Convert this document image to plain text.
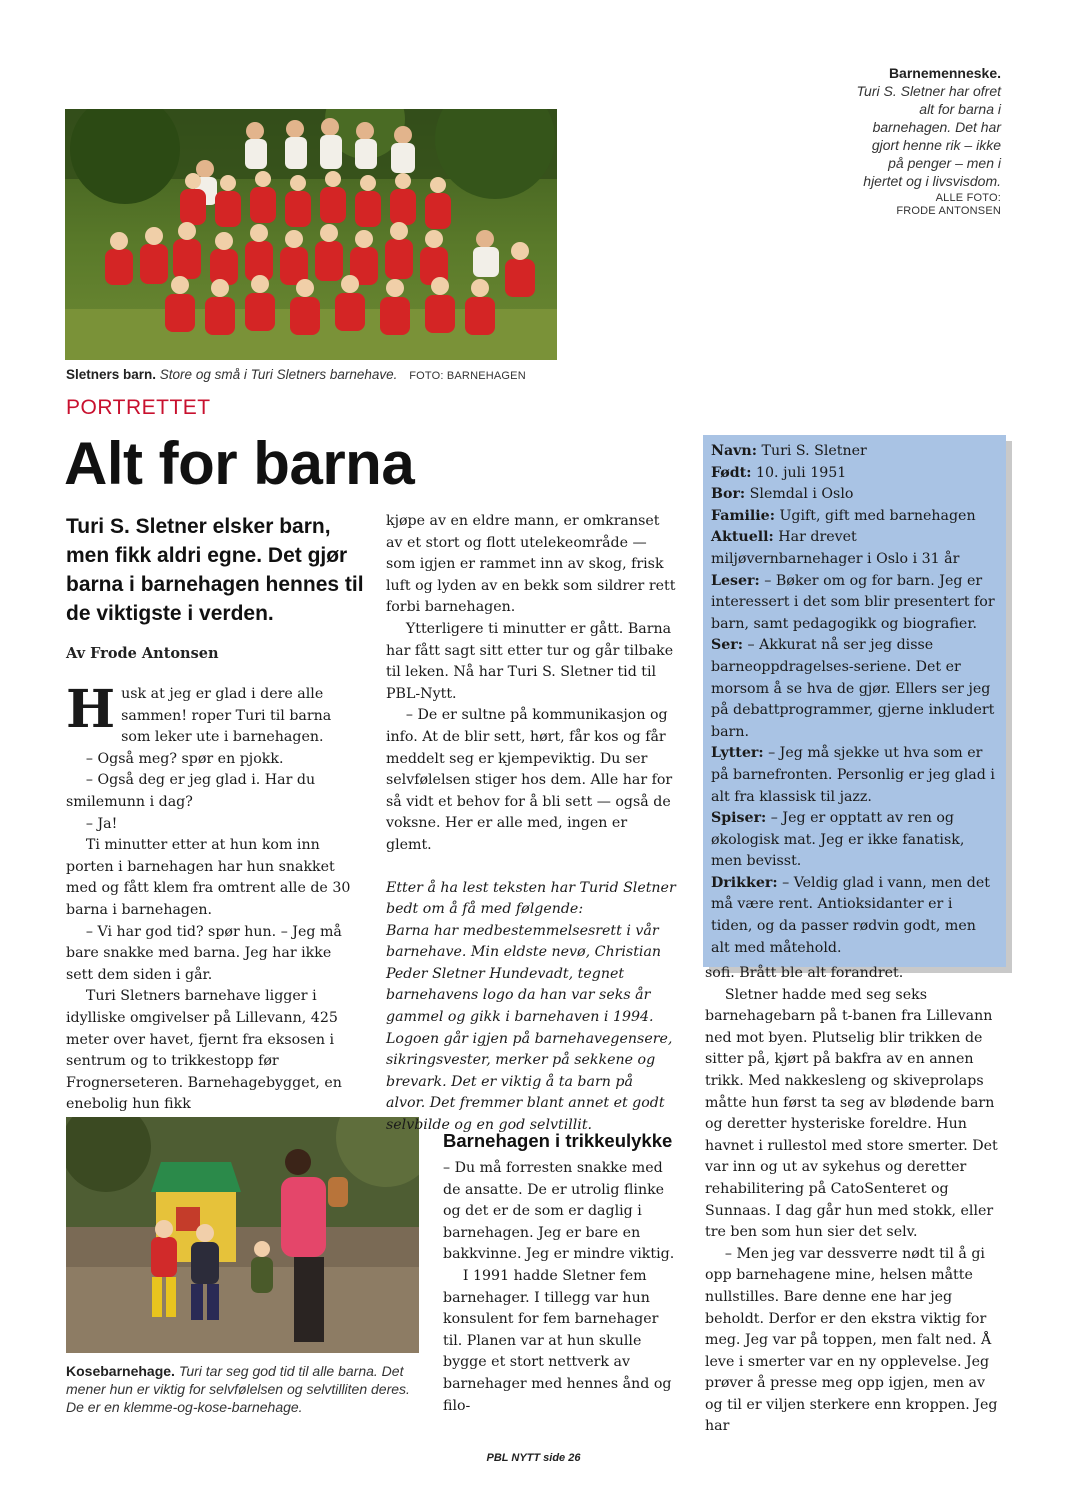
Barnemenneske.
Turi S. Sletner har ofret alt for barna i barnehagen. Det har gjort henne rik – ikke på penger – men i hjertet og i livsvisdom.
ALLE FOTO:
FRODE ANTONSEN
Sletners barn. Store og små i Turi Sletners barnehave. FOTO: BARNEHAGEN
PORTRETTET
Alt for barna
Turi S. Sletner elsker barn, men fikk aldri egne. Det gjør barna i barnehagen hennes til de viktigste i verden.
Av Frode Antonsen

Husk at jeg er glad i dere alle sammen! roper Turi til barna som leker ute i barnehagen.

– Også meg? spør en pjokk.

– Også deg er jeg glad i. Har du smilemunn i dag?

– Ja!

Ti minutter etter at hun kom inn porten i barnehagen har hun snakket med og fått klem fra omtrent alle de 30 barna i barnehagen.

– Vi har god tid? spør hun. – Jeg må bare snakke med barna. Jeg har ikke sett dem siden i går.

Turi Sletners barnehave ligger i idylliske omgivelser på Lillevann, 425 meter over havet, fjernt fra eksosen i sentrum og to trikkestopp før Frognerseteren. Barnehagebygget, en enebolig hun fikk

Kosebarnehage. Turi tar seg god tid til alle barna. Det mener hun er viktig for selvfølelsen og selvtilliten deres. De er en klemme-og-kose-barnehage.

kjøpe av en eldre mann, er omkranset av et stort og flott utelekeområde — som igjen er rammet inn av skog, frisk luft og lyden av en bekk som sildrer rett forbi barnehagen.

Ytterligere ti minutter er gått. Barna har fått sagt sitt etter tur og går tilbake til leken. Nå har Turi S. Sletner tid til PBL-Nytt.

– De er sultne på kommunikasjon og info. At de blir sett, hørt, får kos og får meddelt seg er kjempeviktig. Du ser selvfølelsen stiger hos dem. Alle har for så vidt et behov for å bli sett — også de voksne. Her er alle med, ingen er glemt.

Etter å ha lest teksten har Turid Sletner bedt om å få med følgende:

Barna har medbestemmelsesrett i vår barnehave. Min eldste nevø, Christian Peder Sletner Hundevadt, tegnet barnehavens logo da han var seks år gammel og gikk i barnehaven i 1994. Logoen går igjen på barnehavegensere, sikringsvester, merker på sekkene og brevark. Det er viktig å ta barn på alvor. Det fremmer blant annet et godt selvbilde og en god selvtillit.

Barnehagen i trikkeulykke

– Du må forresten snakke med de ansatte. De er utrolig flinke og det er de som er daglig i barnehagen. Jeg er bare en bakkvinne. Jeg er mindre viktig.

I 1991 hadde Sletner fem barnehager. I tillegg var hun konsulent for fem barnehager til. Planen var at hun skulle bygge et stort nettverk av barnehager med hennes ånd og filo-

Navn: Turi S. Sletner

Født: 10. juli 1951

Bor: Slemdal i Oslo

Familie: Ugift, gift med barnehagen

Aktuell: Har drevet miljøvernbarnehager i Oslo i 31 år

Leser: – Bøker om og for barn. Jeg er interessert i det som blir presentert for barn, samt pedagogikk og biografier.

Ser: – Akkurat nå ser jeg disse barneoppdragelses-seriene. Det er morsom å se hva de gjør. Ellers ser jeg på debattprogrammer, gjerne inkludert barn.

Lytter: – Jeg må sjekke ut hva som er på barnefronten. Personlig er jeg glad i alt fra klassisk til jazz.

Spiser: – Jeg er opptatt av ren og økologisk mat. Jeg er ikke fanatisk, men bevisst.

Drikker: – Veldig glad i vann, men det må være rent. Antioksidanter er i tiden, og da passer rødvin godt, men alt med måtehold.

sofi. Brått ble alt forandret.

Sletner hadde med seg seks barnehagebarn på t-banen fra Lillevann ned mot byen. Plutselig blir trikken de sitter på, kjørt på bakfra av en annen trikk. Med nakkesleng og skiveprolaps måtte hun først ta seg av blødende barn og deretter hysteriske foreldre. Hun havnet i rullestol med store smerter. Det var inn og ut av sykehus og deretter rehabilitering på CatoSenteret og Sunnaas. I dag går hun med stokk, eller tre ben som hun sier det selv.

– Men jeg var dessverre nødt til å gi opp barnehagene mine, helsen måtte nullstilles. Bare denne ene har jeg beholdt. Derfor er den ekstra viktig for meg. Jeg var på toppen, men falt ned. Å leve i smerter var en ny opplevelse. Jeg prøver å presse meg opp igjen, men av og til er viljen sterkere enn kroppen. Jeg har

PBL NYTT side 26
